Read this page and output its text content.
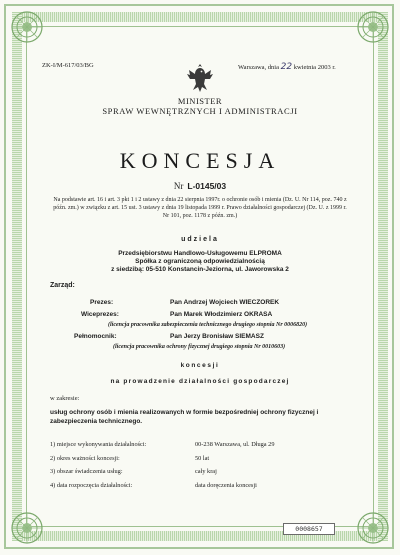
ZK-I/M-617/03/BG	Warszawa, dnia 22 kwietnia 2003 r.
MINISTER
SPRAW WEWNĘTRZNYCH I ADMINISTRACJI
KONCESJA
Nr L-0145/03
Na podstawie art. 16 i art. 3 pkt 1 i 2 ustawy z dnia 22 sierpnia 1997r. o ochronie osób i mienia (Dz. U. Nr 114, poz. 740 z późn. zm.) w związku z art. 15 ust. 3 ustawy z dnia 19 listopada 1999 r. Prawo działalności gospodarczej (Dz. U. z 1999 r. Nr 101, poz. 1178 z późn. zm.)
udziela
Przedsiębiorstwu Handlowo-Usługowemu ELPROMA
Spółka z ograniczoną odpowiedzialnością
z siedzibą: 05-510 Konstancin-Jeziorna, ul. Jaworowska 2
Zarząd:
Prezes:	Pan Andrzej Wojciech WIECZOREK
Wiceprezes:	Pan Marek Włodzimierz OKRASA
(licencja pracownika zabezpieczenia technicznego drugiego stopnia Nr 0006820)
Pełnomocnik:	Pan Jerzy Bronisław SIEMASZ
(licencja pracownika ochrony fizycznej drugiego stopnia Nr 0010603)
koncesji
na prowadzenie działalności gospodarczej
w zakresie:
usług ochrony osób i mienia realizowanych w formie bezpośredniej ochrony fizycznej i zabezpieczenia technicznego.
1) miejsce wykonywania działalności:	00-238 Warszawa, ul. Długa 29
2) okres ważności koncesji:	50 lat
3) obszar świadczenia usług:	cały kraj
4) data rozpoczęcia działalności:	data doręczenia koncesji
0008657
